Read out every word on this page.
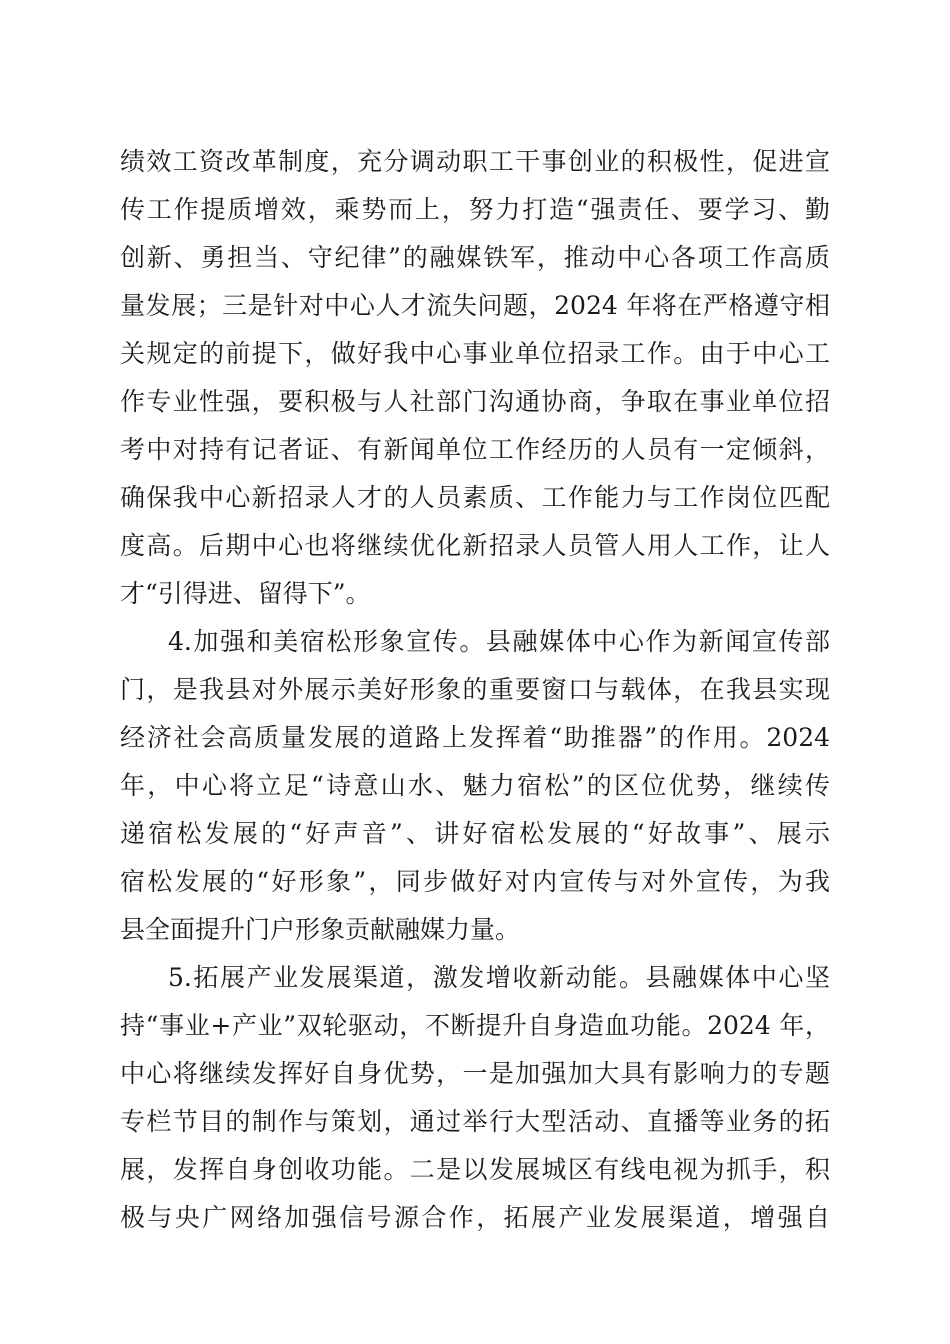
绩效工资改革制度，充分调动职工干事创业的积极性，促进宣
传工作提质增效，乘势而上，努力打造“强责任、要学习、勤
创新、勇担当、守纪律”的融媒铁军，推动中心各项工作高质
量发展；三是针对中心人才流失问题，2024 年将在严格遵守相
关规定的前提下，做好我中心事业单位招录工作。由于中心工
作专业性强，要积极与人社部门沟通协商，争取在事业单位招
考中对持有记者证、有新闻单位工作经历的人员有一定倾斜，
确保我中心新招录人才的人员素质、工作能力与工作岗位匹配
度高。后期中心也将继续优化新招录人员管人用人工作，让人
才“引得进、留得下”。
4.加强和美宿松形象宣传。县融媒体中心作为新闻宣传部
门，是我县对外展示美好形象的重要窗口与载体，在我县实现
经济社会高质量发展的道路上发挥着“助推器”的作用。2024
年，中心将立足“诗意山水、魅力宿松”的区位优势，继续传
递宿松发展的“好声音”、讲好宿松发展的“好故事”、展示
宿松发展的“好形象”，同步做好对内宣传与对外宣传，为我
县全面提升门户形象贡献融媒力量。
5.拓展产业发展渠道，激发增收新动能。县融媒体中心坚
持“事业+产业”双轮驱动，不断提升自身造血功能。2024 年，
中心将继续发挥好自身优势，一是加强加大具有影响力的专题
专栏节目的制作与策划，通过举行大型活动、直播等业务的拓
展，发挥自身创收功能。二是以发展城区有线电视为抓手，积
极与央广网络加强信号源合作，拓展产业发展渠道，增强自
